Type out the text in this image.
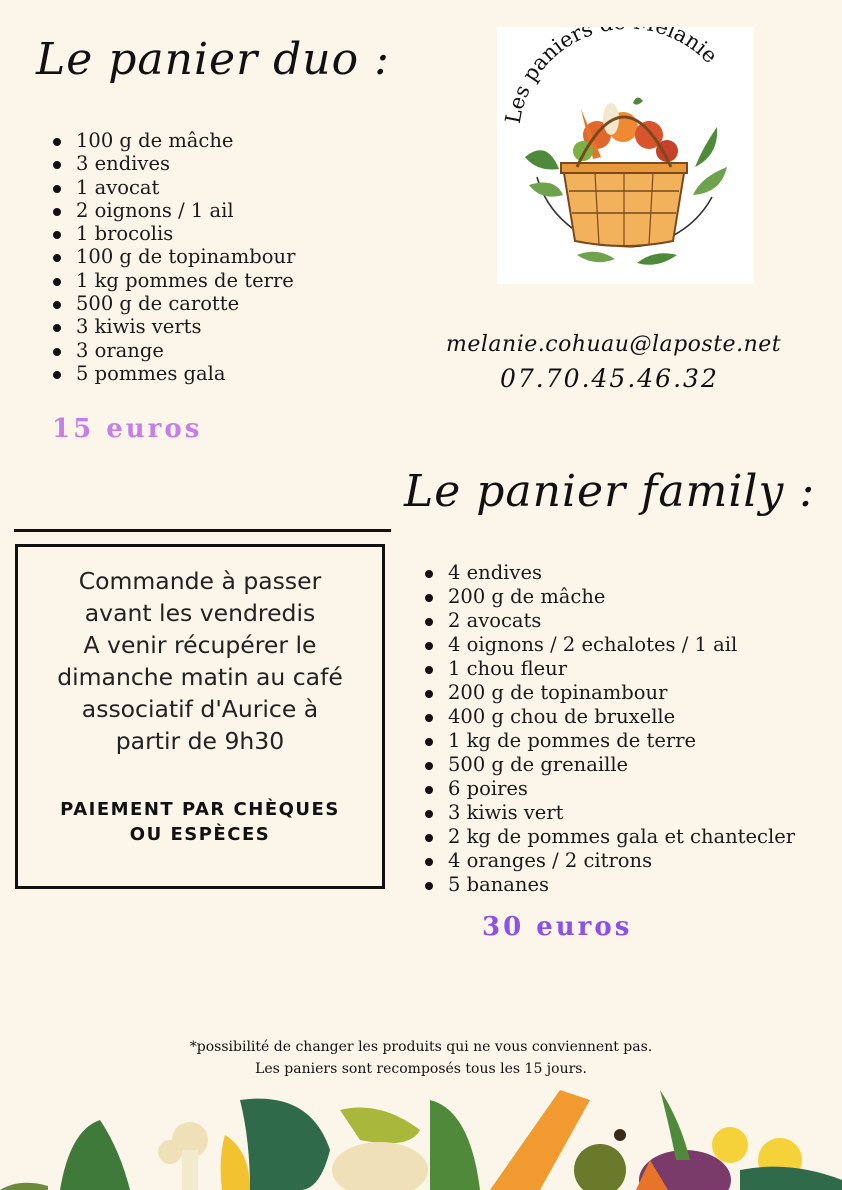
Le panier duo :
100 g de mâche
3 endives
1 avocat
2 oignons / 1 ail
1 brocolis
100 g de topinambour
1 kg pommes de terre
500 g de carotte
3 kiwis verts
3 orange
5 pommes gala

15 euros

Les paniers lanie

melanie.cohuau@laposte.net

07.70.45.46.32

Le panier family :

Commande à passer
avant les vendredis
A venir récupérer le
dimanche matin au café
associatif d'Aurice à
partir de 9h30

PAIEMENT PAR CHÈQUES
OU ESPÈCES

4 endives
200 g de mâche
2 avocats
4 oignons / 2 echalotes / 1 ail
1 chou fleur
200 g de topinambour
400 g chou de bruxelle
1 kg de pommes de terre
500 g de grenaille
6 poires
3 kiwis vert
2 kg de pommes gala et chantecler
4 oranges / 2 citrons
5 bananes

30 euros

*possibilité de changer les produits qui ne vous conviennent pas.

Les paniers sont recomposés tous les 15 jours.
